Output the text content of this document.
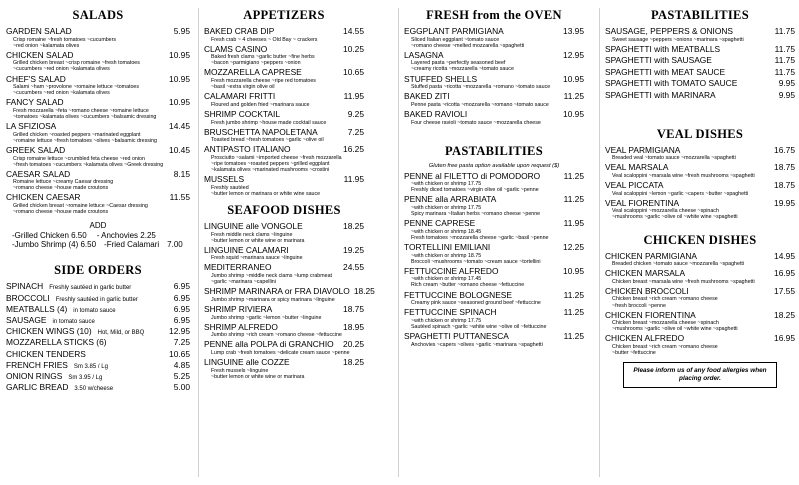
SALADS
GARDEN SALAD	5.95
Crisp romaine ~fresh tomatoes ~cucumbers
~red onion ~kalamata olives
CHICKEN SALAD	10.95
Grilled chicken breast ~crisp romaine ~fresh tomatoes
~cucumbers ~red onion ~kalamata olives
CHEF'S SALAD	10.95
Salami ~ham ~provolone ~romaine lettuce ~tomatoes
~cucumbers ~red onion ~kalamata olives
FANCY SALAD	10.95
Fresh mozzarella ~feta ~romano cheese ~romaine lettuce
~tomatoes ~kalamata olives ~cucumbers ~balsamic dressing
LA SFIZIOSA	14.45
Grilled chicken ~roasted peppers ~marinated eggplant
~romaine lettuce ~fresh tomatoes ~olives ~balsamic dressing
GREEK SALAD	10.45
Crisp romaine lettuce ~crumbled feta cheese ~red onion
~fresh tomatoes ~cucumbers ~kalamata olives ~Greek dressing
CAESAR SALAD	8.15
Romaine lettuce ~creamy Caesar dressing
~romano cheese ~house made croutons
CHICKEN CAESAR	11.55
Grilled chicken breast ~romaine lettuce ~Caesar dressing
~romano cheese ~house made croutons
ADD
-Grilled Chicken 6.50 - Anchovies 2.25
-Jumbo Shrimp (4) 6.50 -Fried Calamari 7.00
SIDE ORDERS
SPINACH Freshly sautéed in garlic butter	6.95
BROCCOLI Freshly sautéed in garlic butter	6.95
MEATBALLS (4) in tomato sauce	6.95
SAUSAGE in tomato sauce	6.95
CHICKEN WINGS (10) Hot, Mild, or BBQ	12.95
MOZZARELLA STICKS (6)	7.25
CHICKEN TENDERS	10.65
FRENCH FRIES Sm 3.85 / Lg	4.85
ONION RINGS Sm 3.95 / Lg	5.25
GARLIC BREAD 3.50 w/cheese	5.00
APPETIZERS
BAKED CRAB DIP	14.55
Fresh crab ~ 4 cheeses ~ Old Bay ~ crackers
CLAMS CASINO	10.25
Baked fresh clams ~garlic butter ~fine herbs
~bacon ~parmigiano ~peppers ~onion
MOZZARELLA CAPRESE	10.65
Fresh mozzarella cheese ~ripe red tomatoes
~basil ~extra virgin olive oil
CALAMARI FRITTI	11.95
Floured and golden fried ~marinara sauce
SHRIMP COCKTAIL	9.25
Fresh jumbo shrimp ~house made cocktail sauce
BRUSCHETTA NAPOLETANA	7.25
Toasted bread ~fresh tomatoes ~garlic ~olive oil
ANTIPASTO ITALIANO	16.25
Prosciutto ~salami ~imported cheese ~fresh mozzarella
~ripe tomatoes ~roasted peppers ~grilled eggplant
~kalamata olives ~marinated mushrooms ~crostini
MUSSELS	11.95
Freshly sautéed
~butter lemon or marinara or white wine sauce
SEAFOOD DISHES
LINGUINE alle VONGOLE	18.25
Fresh middle neck clams ~linguine
~butter lemon or white wine or marinara
LINGUINE CALAMARI	19.25
Fresh squid ~marinara sauce ~linguine
MEDITERRANEO	24.55
Jumbo shrimp ~middle neck clams ~lump crabmeat
~garlic ~marinara ~capellini
SHRIMP MARINARA or FRA DIAVOLO 18.25
Jumbo shrimp ~marinara or spicy marinara ~linguine
SHRIMP RIVIERA	18.75
Jumbo shrimp ~garlic ~lemon ~butter ~linguine
SHRIMP ALFREDO	18.95
Jumbo shrimp ~rich cream ~romano cheese ~fettuccine
PENNE alla POLPA di GRANCHIO	20.25
Lump crab ~fresh tomatoes ~delicate cream sauce ~penne
LINGUINE alle COZZE	18.25
Fresh mussels ~linguine
~butter lemon or white wine or marinara
FRESH from the OVEN
EGGPLANT PARMIGIANA	13.95
Sliced Italian eggplant ~tomato sauce
~romano cheese ~melted mozzarella ~spaghetti
LASAGNA	12.95
Layered pasta ~perfectly seasoned beef
~creamy ricotta ~mozzarella ~tomato sauce
STUFFED SHELLS	10.95
Stuffed pasta ~ricotta ~mozzarella ~romano ~tomato sauce
BAKED ZITI	11.25
Penne pasta ~ricotta ~mozzarella ~romano ~tomato sauce
BAKED RAVIOLI	10.95
Four cheese ravioli ~tomato sauce ~mozzarella cheese
PASTABILITIES
Gluten free pasta option available upon request ($)
PENNE al FILETTO di POMODORO	11.25
~with chicken or shrimp 17.75
Freshly diced tomatoes ~virgin olive oil ~garlic ~penne
PENNE alla ARRABIATA	11.25
~with chicken or shrimp 17.75
Spicy marinara ~Italian herbs ~romano cheese ~penne
PENNE CAPRESE	11.95
~with chicken or shrimp 18.45
Fresh tomatoes ~mozzarella cheese ~garlic ~basil ~penne
TORTELLINI EMILIANI	12.25
~with chicken or shrimp 18.75
Broccoli ~mushrooms ~tomato ~cream sauce ~tortellini
FETTUCCINE ALFREDO	10.95
~with chicken or shrimp 17.45
Rich cream ~butter ~romano cheese ~fettuccine
FETTUCCINE BOLOGNESE	11.25
Creamy pink sauce ~seasoned ground beef ~fettuccine
FETTUCCINE SPINACH	11.25
~with chicken or shrimp 17.75
Sautéed spinach ~garlic ~white wine ~olive oil ~fettuccine
SPAGHETTI PUTTANESCA	11.25
Anchovies ~capers ~olives ~garlic ~marinara ~spaghetti
PASTABILITIES
SAUSAGE, PEPPERS & ONIONS	11.75
Sweet sausage ~peppers ~onions ~marinara ~spaghetti
SPAGHETTI with MEATBALLS	11.75
SPAGHETTI with SAUSAGE	11.75
SPAGHETTI with MEAT SAUCE	11.75
SPAGHETTI with TOMATO SAUCE	9.95
SPAGHETTI with MARINARA	9.95
VEAL DISHES
VEAL PARMIGIANA	16.75
Breaded veal ~tomato sauce ~mozzarella ~spaghetti
VEAL MARSALA	18.75
Veal scaloppini ~marsala wine ~fresh mushrooms ~spaghetti
VEAL PICCATA	18.75
Veal scaloppini ~lemon ~garlic ~capers ~butter ~spaghetti
VEAL FIORENTINA	19.95
Veal scaloppini ~mozzarella cheese ~spinach
~mushrooms ~garlic ~olive oil ~white wine ~spaghetti
CHICKEN DISHES
CHICKEN PARMIGIANA	14.95
Breaded chicken ~tomato sauce ~mozzarella ~spaghetti
CHICKEN MARSALA	16.95
Chicken breast ~marsala wine ~fresh mushrooms ~spaghetti
CHICKEN BROCCOLI	17.55
Chicken breast ~rich cream ~romano cheese
~fresh broccoli ~penne
CHICKEN FIORENTINA	18.25
Chicken breast ~mozzarella cheese ~spinach
~mushrooms ~garlic ~olive oil ~white wine ~spaghetti
CHICKEN ALFREDO	16.95
Chicken breast ~rich cream ~romano cheese
~butter ~fettuccine
Please inform us of any food allergies when placing order.
